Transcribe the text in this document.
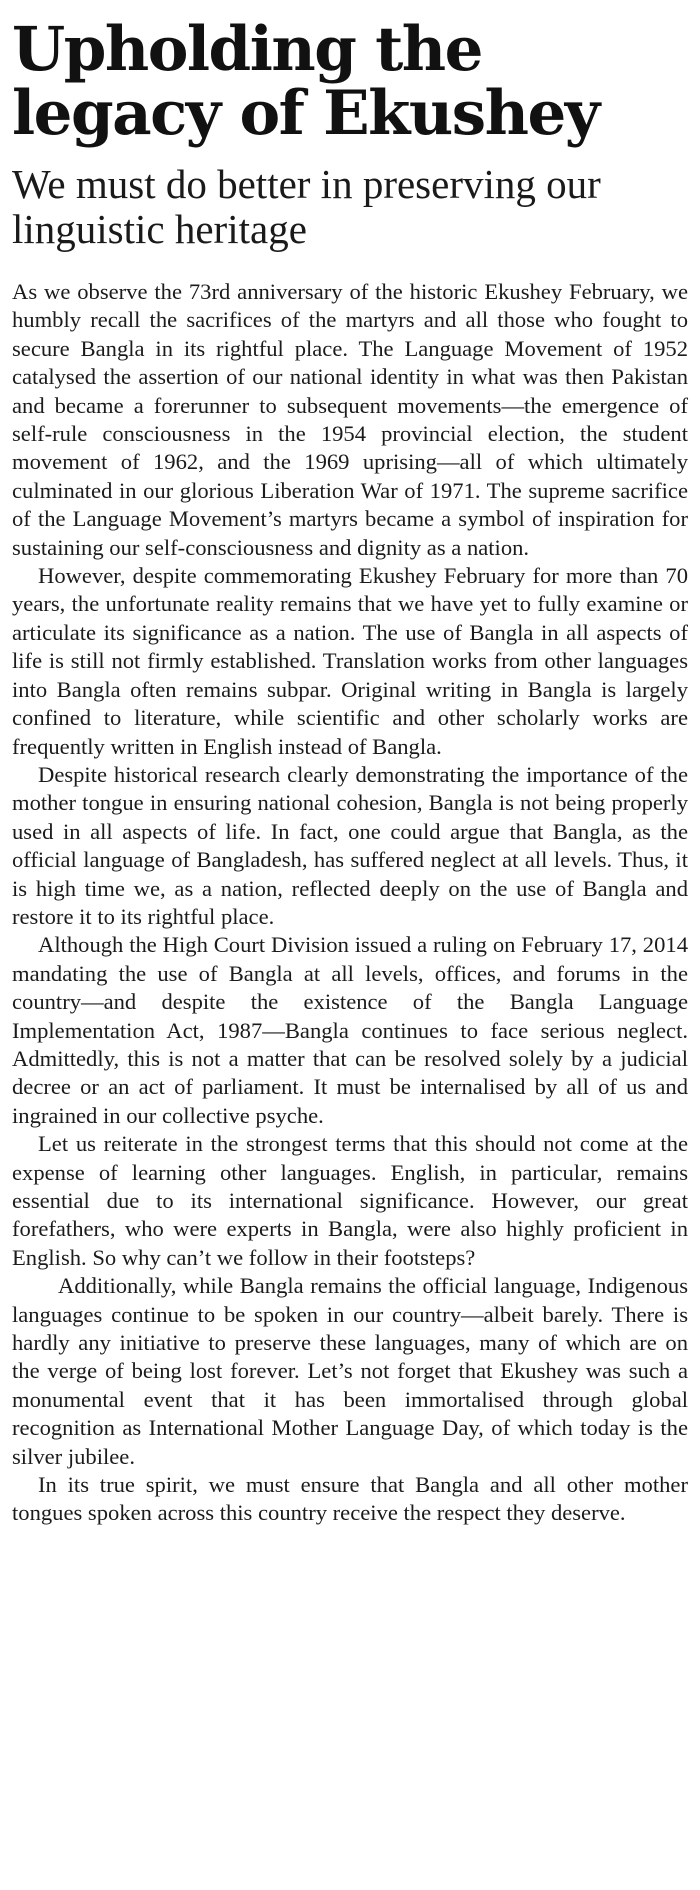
Upholding the legacy of Ekushey
We must do better in preserving our linguistic heritage

As we observe the 73rd anniversary of the historic Ekushey February, we humbly recall the sacrifices of the martyrs and all those who fought to secure Bangla in its rightful place. The Language Movement of 1952 catalysed the assertion of our national identity in what was then Pakistan and became a forerunner to subsequent movements—the emergence of self-rule consciousness in the 1954 provincial election, the student movement of 1962, and the 1969 uprising—all of which ultimately culminated in our glorious Liberation War of 1971. The supreme sacrifice of the Language Movement’s martyrs became a symbol of inspiration for sustaining our self-consciousness and dignity as a nation.

However, despite commemorating Ekushey February for more than 70 years, the unfortunate reality remains that we have yet to fully examine or articulate its significance as a nation. The use of Bangla in all aspects of life is still not firmly established. Translation works from other languages into Bangla often remains subpar. Original writing in Bangla is largely confined to literature, while scientific and other scholarly works are frequently written in English instead of Bangla.

Despite historical research clearly demonstrating the importance of the mother tongue in ensuring national cohesion, Bangla is not being properly used in all aspects of life. In fact, one could argue that Bangla, as the official language of Bangladesh, has suffered neglect at all levels. Thus, it is high time we, as a nation, reflected deeply on the use of Bangla and restore it to its rightful place.

Although the High Court Division issued a ruling on February 17, 2014 mandating the use of Bangla at all levels, offices, and forums in the country—and despite the existence of the Bangla Language Implementation Act, 1987—Bangla continues to face serious neglect. Admittedly, this is not a matter that can be resolved solely by a judicial decree or an act of parliament. It must be internalised by all of us and ingrained in our collective psyche.

Let us reiterate in the strongest terms that this should not come at the expense of learning other languages. English, in particular, remains essential due to its international significance. However, our great forefathers, who were experts in Bangla, were also highly proficient in English. So why can’t we follow in their footsteps?

Additionally, while Bangla remains the official language, Indigenous languages continue to be spoken in our country—albeit barely. There is hardly any initiative to preserve these languages, many of which are on the verge of being lost forever. Let’s not forget that Ekushey was such a monumental event that it has been immortalised through global recognition as International Mother Language Day, of which today is the silver jubilee.

In its true spirit, we must ensure that Bangla and all other mother tongues spoken across this country receive the respect they deserve.
